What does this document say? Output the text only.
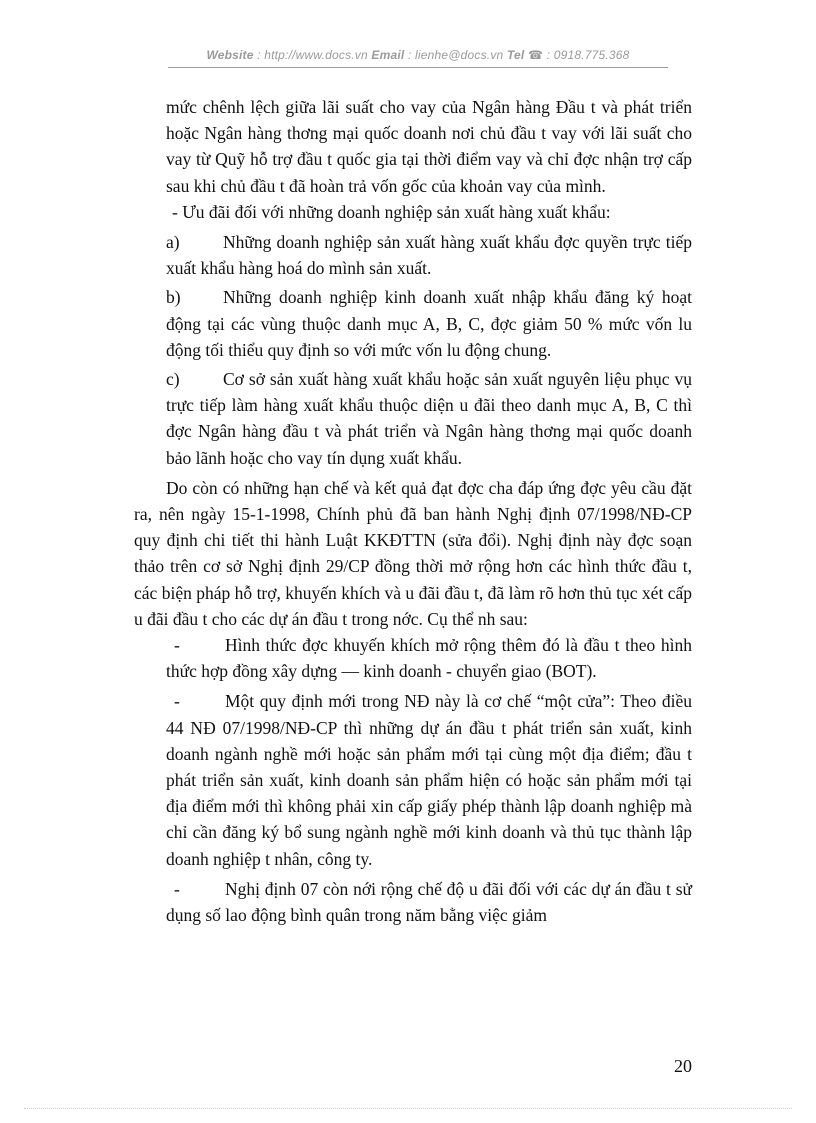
Website : http://www.docs.vn Email : lienhe@docs.vn Tel ☎ : 0918.775.368

mức chênh lệch giữa lãi suất cho vay của Ngân hàng Đầu t và phát triển hoặc Ngân hàng thơng mại quốc doanh nơi chủ đầu t vay với lãi suất cho vay từ Quỹ hỗ trợ đầu t quốc gia tại thời điểm vay và chỉ đợc nhận trợ cấp sau khi chủ đầu t đã hoàn trả vốn gốc của khoản vay của mình.

- Ưu đãi đối với những doanh nghiệp sản xuất hàng xuất khẩu:

a)	Những doanh nghiệp sản xuất hàng xuất khẩu đợc quyền trực tiếp xuất khẩu hàng hoá do mình sản xuất.
b)	Những doanh nghiệp kinh doanh xuất nhập khẩu đăng ký hoạt động tại các vùng thuộc danh mục A, B, C, đợc giảm 50 % mức vốn lu động tối thiểu quy định so với mức vốn lu động chung.
c)	Cơ sở sản xuất hàng xuất khẩu hoặc sản xuất nguyên liệu phục vụ trực tiếp làm hàng xuất khẩu thuộc diện u đãi theo danh mục A, B, C thì đợc Ngân hàng đầu t và phát triển và Ngân hàng thơng mại quốc doanh bảo lãnh hoặc cho vay tín dụng xuất khẩu.

Do còn có những hạn chế và kết quả đạt đợc cha đáp ứng đợc yêu cầu đặt ra, nên ngày 15-1-1998, Chính phủ đã ban hành Nghị định 07/1998/NĐ-CP quy định chi tiết thi hành Luật KKĐTTN (sửa đổi). Nghị định này đợc soạn thảo trên cơ sở Nghị định 29/CP đồng thời mở rộng hơn các hình thức đầu t, các biện pháp hỗ trợ, khuyến khích và u đãi đầu t, đã làm rõ hơn thủ tục xét cấp u đãi đầu t cho các dự án đầu t trong nớc. Cụ thể nh sau:

-	Hình thức đợc khuyến khích mở rộng thêm đó là đầu t theo hình thức hợp đồng xây dựng — kinh doanh - chuyển giao (BOT).
-	Một quy định mới trong NĐ này là cơ chế “một cửa”: Theo điều 44 NĐ 07/1998/NĐ-CP thì những dự án đầu t phát triển sản xuất, kinh doanh ngành nghề mới hoặc sản phẩm mới tại cùng một địa điểm; đầu t phát triển sản xuất, kinh doanh sản phẩm hiện có hoặc sản phẩm mới tại địa điểm mới thì không phải xin cấp giấy phép thành lập doanh nghiệp mà chỉ cần đăng ký bổ sung ngành nghề mới kinh doanh và thủ tục thành lập doanh nghiệp t nhân, công ty.
-	Nghị định 07 còn nới rộng chế độ u đãi đối với các dự án đầu t sử dụng số lao động bình quân trong năm bằng việc giảm
20
